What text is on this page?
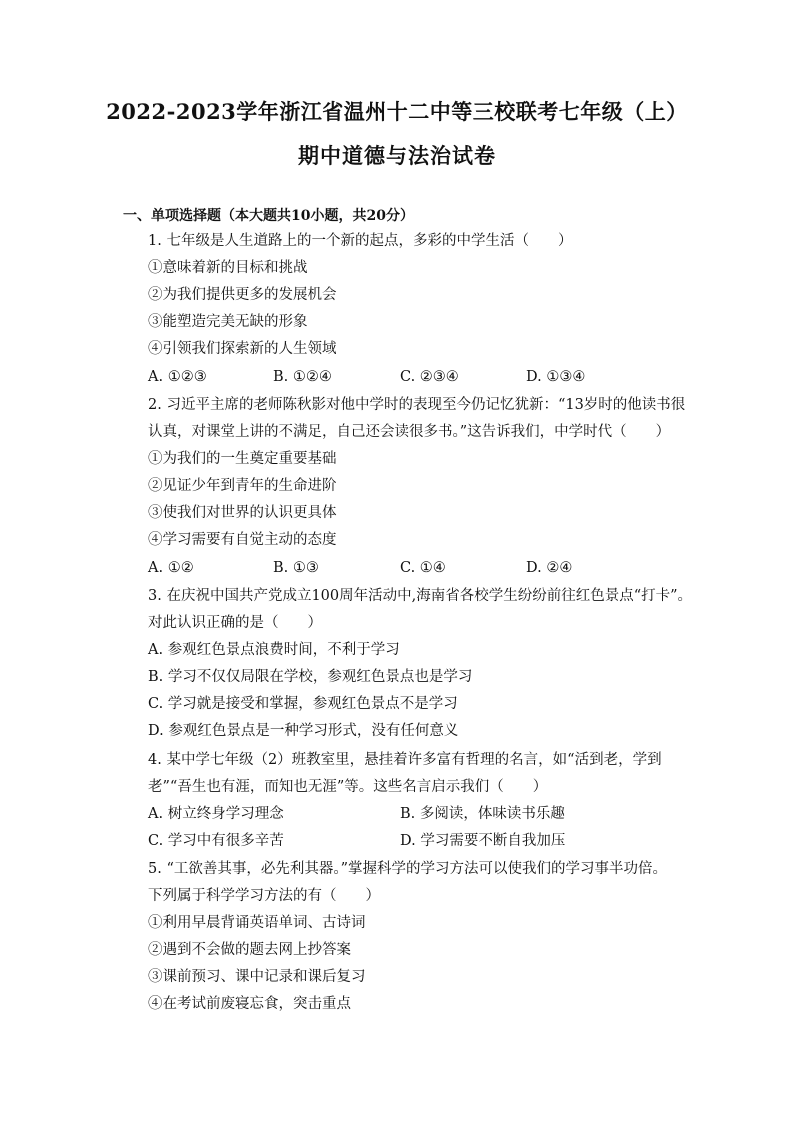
2022-2023学年浙江省温州十二中等三校联考七年级（上）
期中道德与法治试卷
一、单项选择题（本大题共10小题，共20分）
1. 七年级是人生道路上的一个新的起点，多彩的中学生活（　　）
①意味着新的目标和挑战
②为我们提供更多的发展机会
③能塑造完美无缺的形象
④引领我们探索新的人生领域
A. ①②③	B. ①②④	C. ②③④	D. ①③④
2. 习近平主席的老师陈秋影对他中学时的表现至今仍记忆犹新：“13岁时的他读书很
认真，对课堂上讲的不满足，自己还会读很多书。”这告诉我们，中学时代（　　）
①为我们的一生奠定重要基础
②见证少年到青年的生命进阶
③使我们对世界的认识更具体
④学习需要有自觉主动的态度
A. ①②	B. ①③	C. ①④	D. ②④
3. 在庆祝中国共产党成立100周年活动中,海南省各校学生纷纷前往红色景点“打卡”。
对此认识正确的是（　　）
A. 参观红色景点浪费时间，不利于学习
B. 学习不仅仅局限在学校，参观红色景点也是学习
C. 学习就是接受和掌握，参观红色景点不是学习
D. 参观红色景点是一种学习形式，没有任何意义
4. 某中学七年级（2）班教室里，悬挂着许多富有哲理的名言，如“活到老，学到
老”“吾生也有涯，而知也无涯”等。这些名言启示我们（　　）
A. 树立终身学习理念	B. 多阅读，体味读书乐趣
C. 学习中有很多辛苦	D. 学习需要不断自我加压
5. “工欲善其事，必先利其器。”掌握科学的学习方法可以使我们的学习事半功倍。
下列属于科学学习方法的有（　　）
①利用早晨背诵英语单词、古诗词
②遇到不会做的题去网上抄答案
③课前预习、课中记录和课后复习
④在考试前废寝忘食，突击重点
